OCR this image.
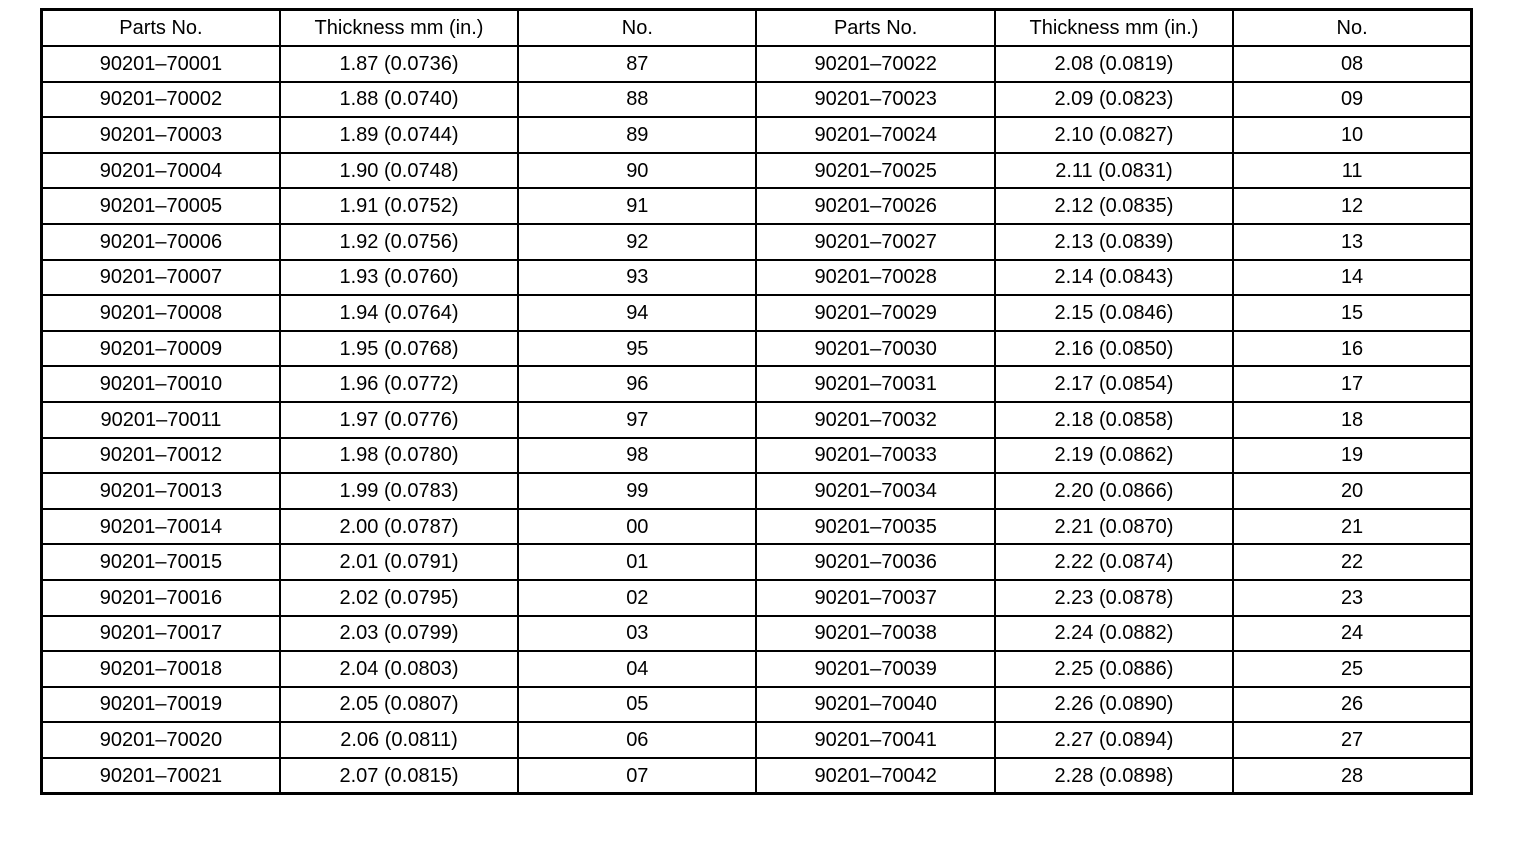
Parts No.	Thickness mm (in.)	No.	Parts No.	Thickness mm (in.)	No.
90201–70001	1.87 (0.0736)	87	90201–70022	2.08 (0.0819)	08
90201–70002	1.88 (0.0740)	88	90201–70023	2.09 (0.0823)	09
90201–70003	1.89 (0.0744)	89	90201–70024	2.10 (0.0827)	10
90201–70004	1.90 (0.0748)	90	90201–70025	2.11 (0.0831)	11
90201–70005	1.91 (0.0752)	91	90201–70026	2.12 (0.0835)	12
90201–70006	1.92 (0.0756)	92	90201–70027	2.13 (0.0839)	13
90201–70007	1.93 (0.0760)	93	90201–70028	2.14 (0.0843)	14
90201–70008	1.94 (0.0764)	94	90201–70029	2.15 (0.0846)	15
90201–70009	1.95 (0.0768)	95	90201–70030	2.16 (0.0850)	16
90201–70010	1.96 (0.0772)	96	90201–70031	2.17 (0.0854)	17
90201–70011	1.97 (0.0776)	97	90201–70032	2.18 (0.0858)	18
90201–70012	1.98 (0.0780)	98	90201–70033	2.19 (0.0862)	19
90201–70013	1.99 (0.0783)	99	90201–70034	2.20 (0.0866)	20
90201–70014	2.00 (0.0787)	00	90201–70035	2.21 (0.0870)	21
90201–70015	2.01 (0.0791)	01	90201–70036	2.22 (0.0874)	22
90201–70016	2.02 (0.0795)	02	90201–70037	2.23 (0.0878)	23
90201–70017	2.03 (0.0799)	03	90201–70038	2.24 (0.0882)	24
90201–70018	2.04 (0.0803)	04	90201–70039	2.25 (0.0886)	25
90201–70019	2.05 (0.0807)	05	90201–70040	2.26 (0.0890)	26
90201–70020	2.06 (0.0811)	06	90201–70041	2.27 (0.0894)	27
90201–70021	2.07 (0.0815)	07	90201–70042	2.28 (0.0898)	28
